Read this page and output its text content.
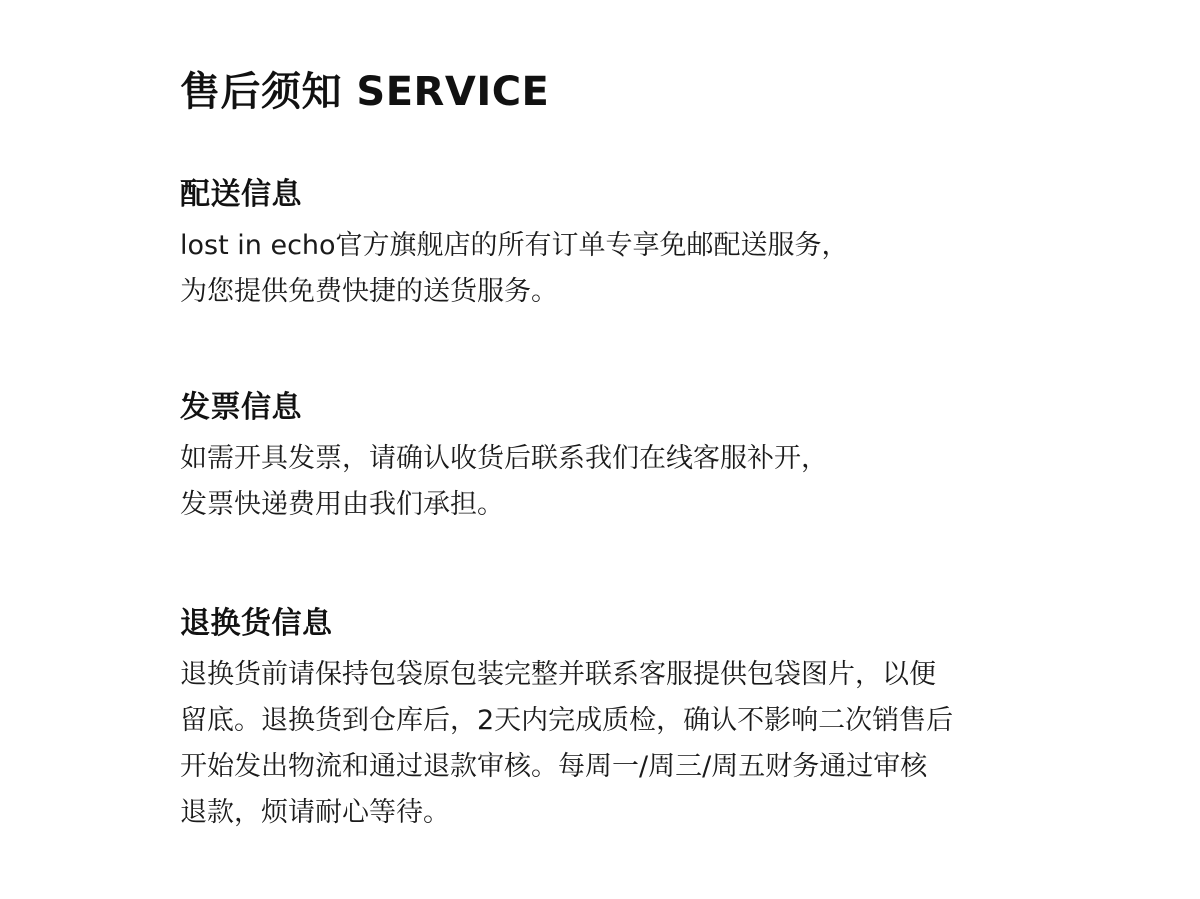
售后须知 SERVICE
配送信息

lost in echo官方旗舰店的所有订单专享免邮配送服务，
为您提供免费快捷的送货服务。

发票信息

如需开具发票，请确认收货后联系我们在线客服补开，
发票快递费用由我们承担。

退换货信息

退换货前请保持包袋原包装完整并联系客服提供包袋图片，以便
留底。退换货到仓库后，2天内完成质检，确认不影响二次销售后
开始发出物流和通过退款审核。每周一/周三/周五财务通过审核
退款，烦请耐心等待。
